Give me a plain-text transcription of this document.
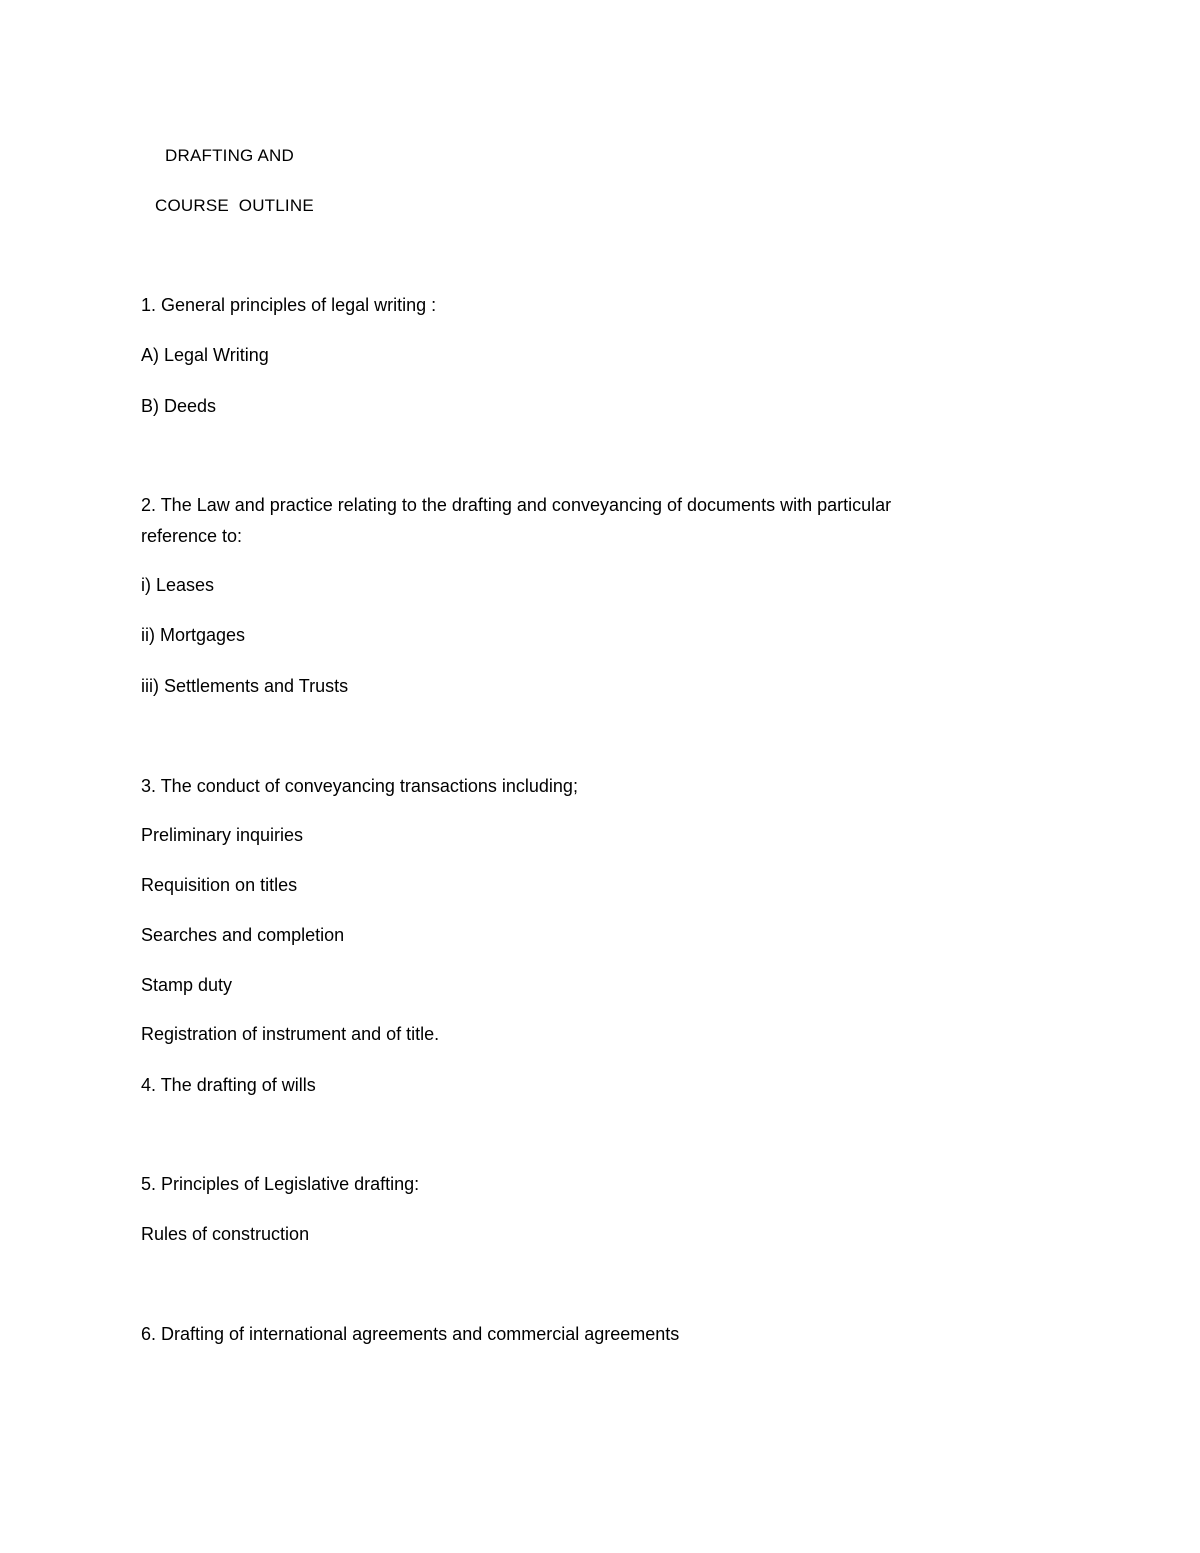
DRAFTING AND
COURSE  OUTLINE
1. General principles of legal writing :
A) Legal Writing
B) Deeds
2. The Law and practice relating to the drafting and conveyancing of documents with particular
reference to:
i) Leases
ii) Mortgages
iii) Settlements and Trusts
3. The conduct of conveyancing transactions including;
Preliminary inquiries
Requisition on titles
Searches and completion
Stamp duty
Registration of instrument and of title.
4. The drafting of wills
5. Principles of Legislative drafting:
Rules of construction
6. Drafting of international agreements and commercial agreements
